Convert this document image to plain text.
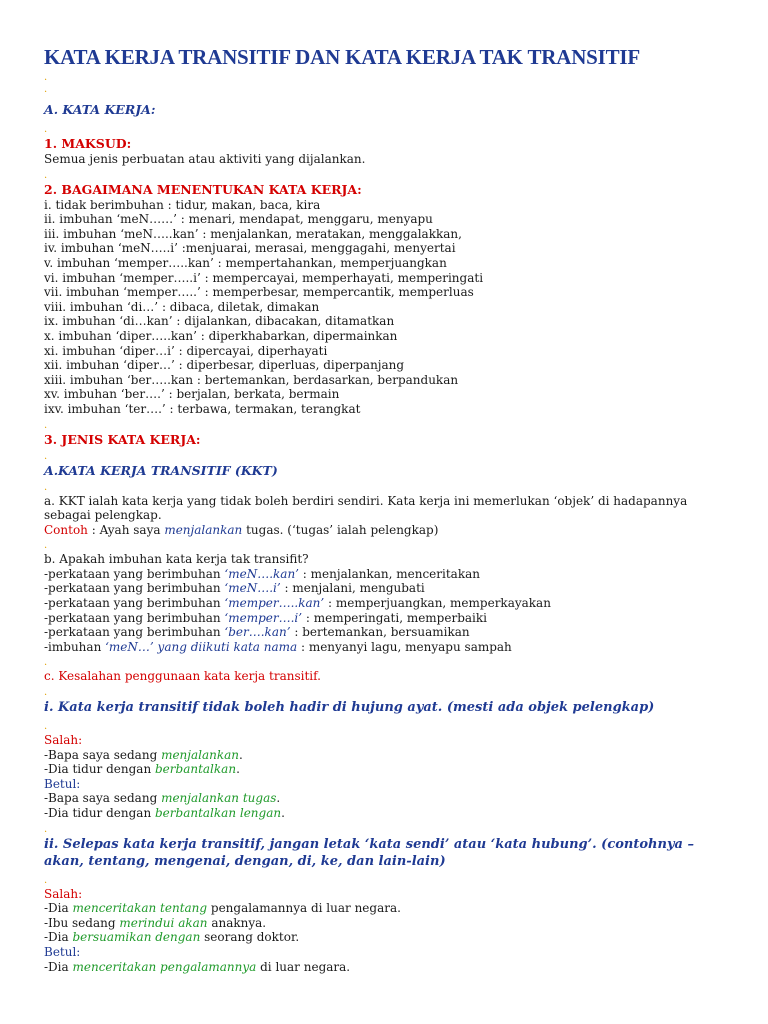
KATA KERJA TRANSITIF DAN KATA KERJA TAK TRANSITIF
.
.
A. KATA KERJA:
.
1. MAKSUD:
Semua jenis perbuatan atau aktiviti yang dijalankan.
.
2. BAGAIMANA MENENTUKAN KATA KERJA:
i. tidak berimbuhan : tidur, makan, baca, kira
ii. imbuhan ‘meN……’ : menari, mendapat, menggaru, menyapu
iii. imbuhan ‘meN…..kan’ : menjalankan, meratakan, menggalakkan,
iv. imbuhan ‘meN…..i’ :menjuarai, merasai, menggagahi, menyertai
v. imbuhan ‘memper…..kan’ : mempertahankan, memperjuangkan
vi. imbuhan ‘memper…..i’ : mempercayai, memperhayati, memperingati
vii. imbuhan ‘memper…..’ : memperbesar, mempercantik, memperluas
viii. imbuhan ‘di…’ : dibaca, diletak, dimakan
ix. imbuhan ‘di…kan’ : dijalankan, dibacakan, ditamatkan
x. imbuhan ‘diper…..kan’ : diperkhabarkan, dipermainkan
xi. imbuhan ‘diper…i’ : dipercayai, diperhayati
xii. imbuhan ‘diper…’ : diperbesar, diperluas, diperpanjang
xiii. imbuhan ‘ber…..kan : bertemankan, berdasarkan, berpandukan
xv. imbuhan ‘ber….’ : berjalan, berkata, bermain
ixv. imbuhan ‘ter….’ : terbawa, termakan, terangkat
.
3. JENIS KATA KERJA:
.
A.KATA KERJA TRANSITIF (KKT)
.
a. KKT ialah kata kerja yang tidak boleh berdiri sendiri. Kata kerja ini memerlukan ‘objek’ di hadapannya sebagai pelengkap.
Contoh : Ayah saya menjalankan tugas. (‘tugas’ ialah pelengkap)
.
b. Apakah imbuhan kata kerja tak transifit?
-perkataan yang berimbuhan ‘meN….kan’ : menjalankan, menceritakan
-perkataan yang berimbuhan ‘meN….i’ : menjalani, mengubati
-perkataan yang berimbuhan ‘memper…..kan’ : memperjuangkan, memperkayakan
-perkataan yang berimbuhan ‘memper….i’ : memperingati, memperbaiki
-perkataan yang berimbuhan ‘ber….kan’ : bertemankan, bersuamikan
-imbuhan ‘meN…’ yang diikuti kata nama : menyanyi lagu, menyapu sampah
.
c. Kesalahan penggunaan kata kerja transitif.
.
i. Kata kerja transitif tidak boleh hadir di hujung ayat. (mesti ada objek pelengkap)
.
Salah:
-Bapa saya sedang menjalankan.
-Dia tidur dengan berbantalkan.
Betul:
-Bapa saya sedang menjalankan tugas.
-Dia tidur dengan berbantalkan lengan.
.
ii. Selepas kata kerja transitif, jangan letak ‘kata sendi’ atau ‘kata hubung’. (contohnya – akan, tentang, mengenai, dengan, di, ke, dan lain-lain)
.
Salah:
-Dia menceritakan tentang pengalamannya di luar negara.
-Ibu sedang merindui akan anaknya.
-Dia bersuamikan dengan seorang doktor.
Betul:
-Dia menceritakan pengalamannya di luar negara.
